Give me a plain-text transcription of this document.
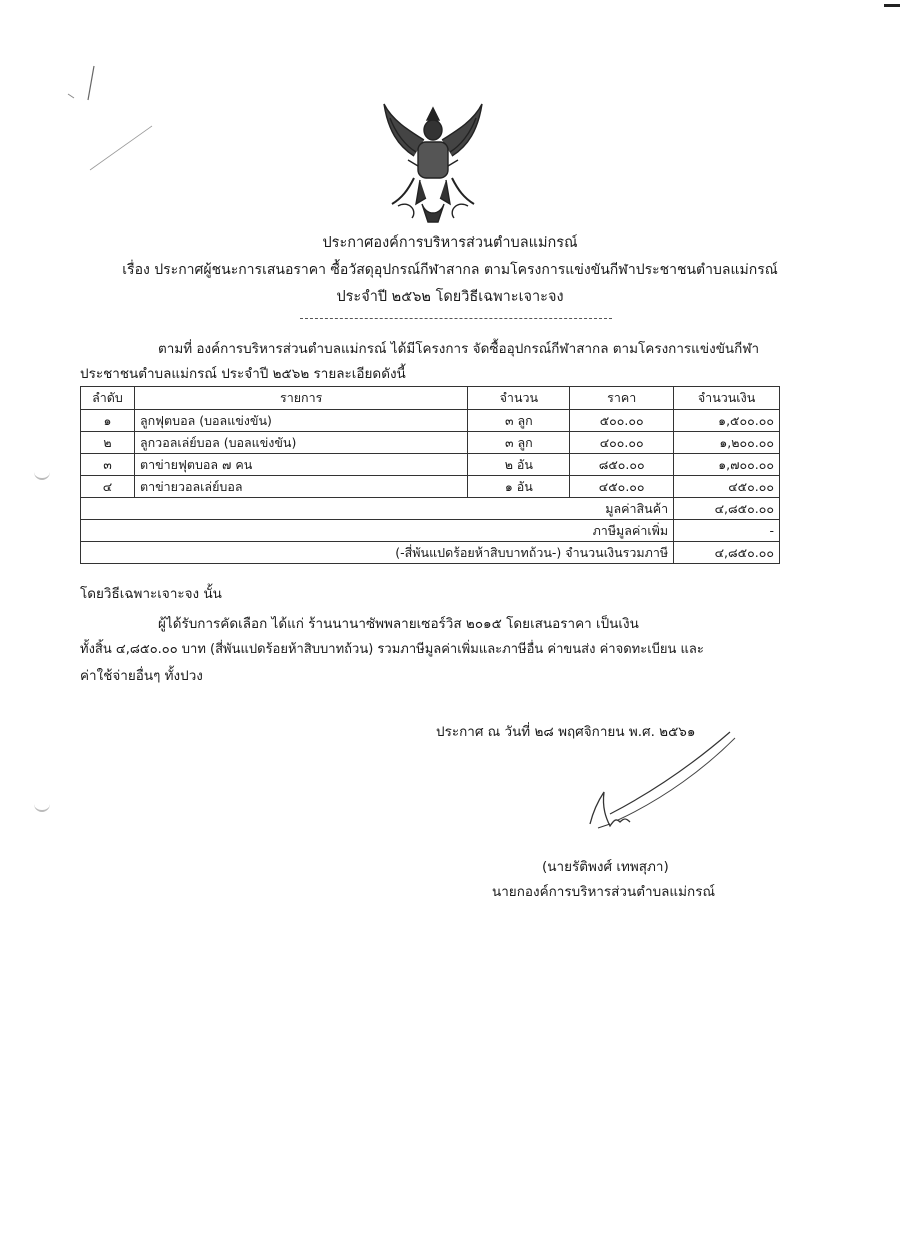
ประกาศองค์การบริหารส่วนตำบลแม่กรณ์
เรื่อง ประกาศผู้ชนะการเสนอราคา ซื้อวัสดุอุปกรณ์กีฬาสากล ตามโครงการแข่งขันกีฬาประชาชนตำบลแม่กรณ์
ประจำปี ๒๕๖๒ โดยวิธีเฉพาะเจาะจง
ตามที่ องค์การบริหารส่วนตำบลแม่กรณ์ ได้มีโครงการ จัดซื้ออุปกรณ์กีฬาสากล ตามโครงการแข่งขันกีฬา
ประชาชนตำบลแม่กรณ์ ประจำปี ๒๕๖๒ รายละเอียดดังนี้
ลำดับ	รายการ	จำนวน	ราคา	จำนวนเงิน
๑	ลูกฟุตบอล (บอลแข่งขัน)	๓ ลูก	๕๐๐.๐๐	๑,๕๐๐.๐๐
๒	ลูกวอลเล่ย์บอล (บอลแข่งขัน)	๓ ลูก	๔๐๐.๐๐	๑,๒๐๐.๐๐
๓	ตาข่ายฟุตบอล ๗ คน	๒ อัน	๘๕๐.๐๐	๑,๗๐๐.๐๐
๔	ตาข่ายวอลเล่ย์บอล	๑ อัน	๔๕๐.๐๐	๔๕๐.๐๐
มูลค่าสินค้า				๔,๘๕๐.๐๐
ภาษีมูลค่าเพิ่ม				-
(-สี่พันแปดร้อยห้าสิบบาทถ้วน-) จำนวนเงินรวมภาษี				๔,๘๕๐.๐๐
โดยวิธีเฉพาะเจาะจง นั้น
ผู้ได้รับการคัดเลือก ได้แก่ ร้านนานาซัพพลายเซอร์วิส ๒๐๑๕ โดยเสนอราคา เป็นเงิน
ทั้งสิ้น ๔,๘๕๐.๐๐ บาท (สี่พันแปดร้อยห้าสิบบาทถ้วน) รวมภาษีมูลค่าเพิ่มและภาษีอื่น ค่าขนส่ง ค่าจดทะเบียน และ
ค่าใช้จ่ายอื่นๆ ทั้งปวง
ประกาศ ณ วันที่ ๒๘ พฤศจิกายน พ.ศ. ๒๕๖๑
(นายรัติพงศ์ เทพสุภา)
นายกองค์การบริหารส่วนตำบลแม่กรณ์
